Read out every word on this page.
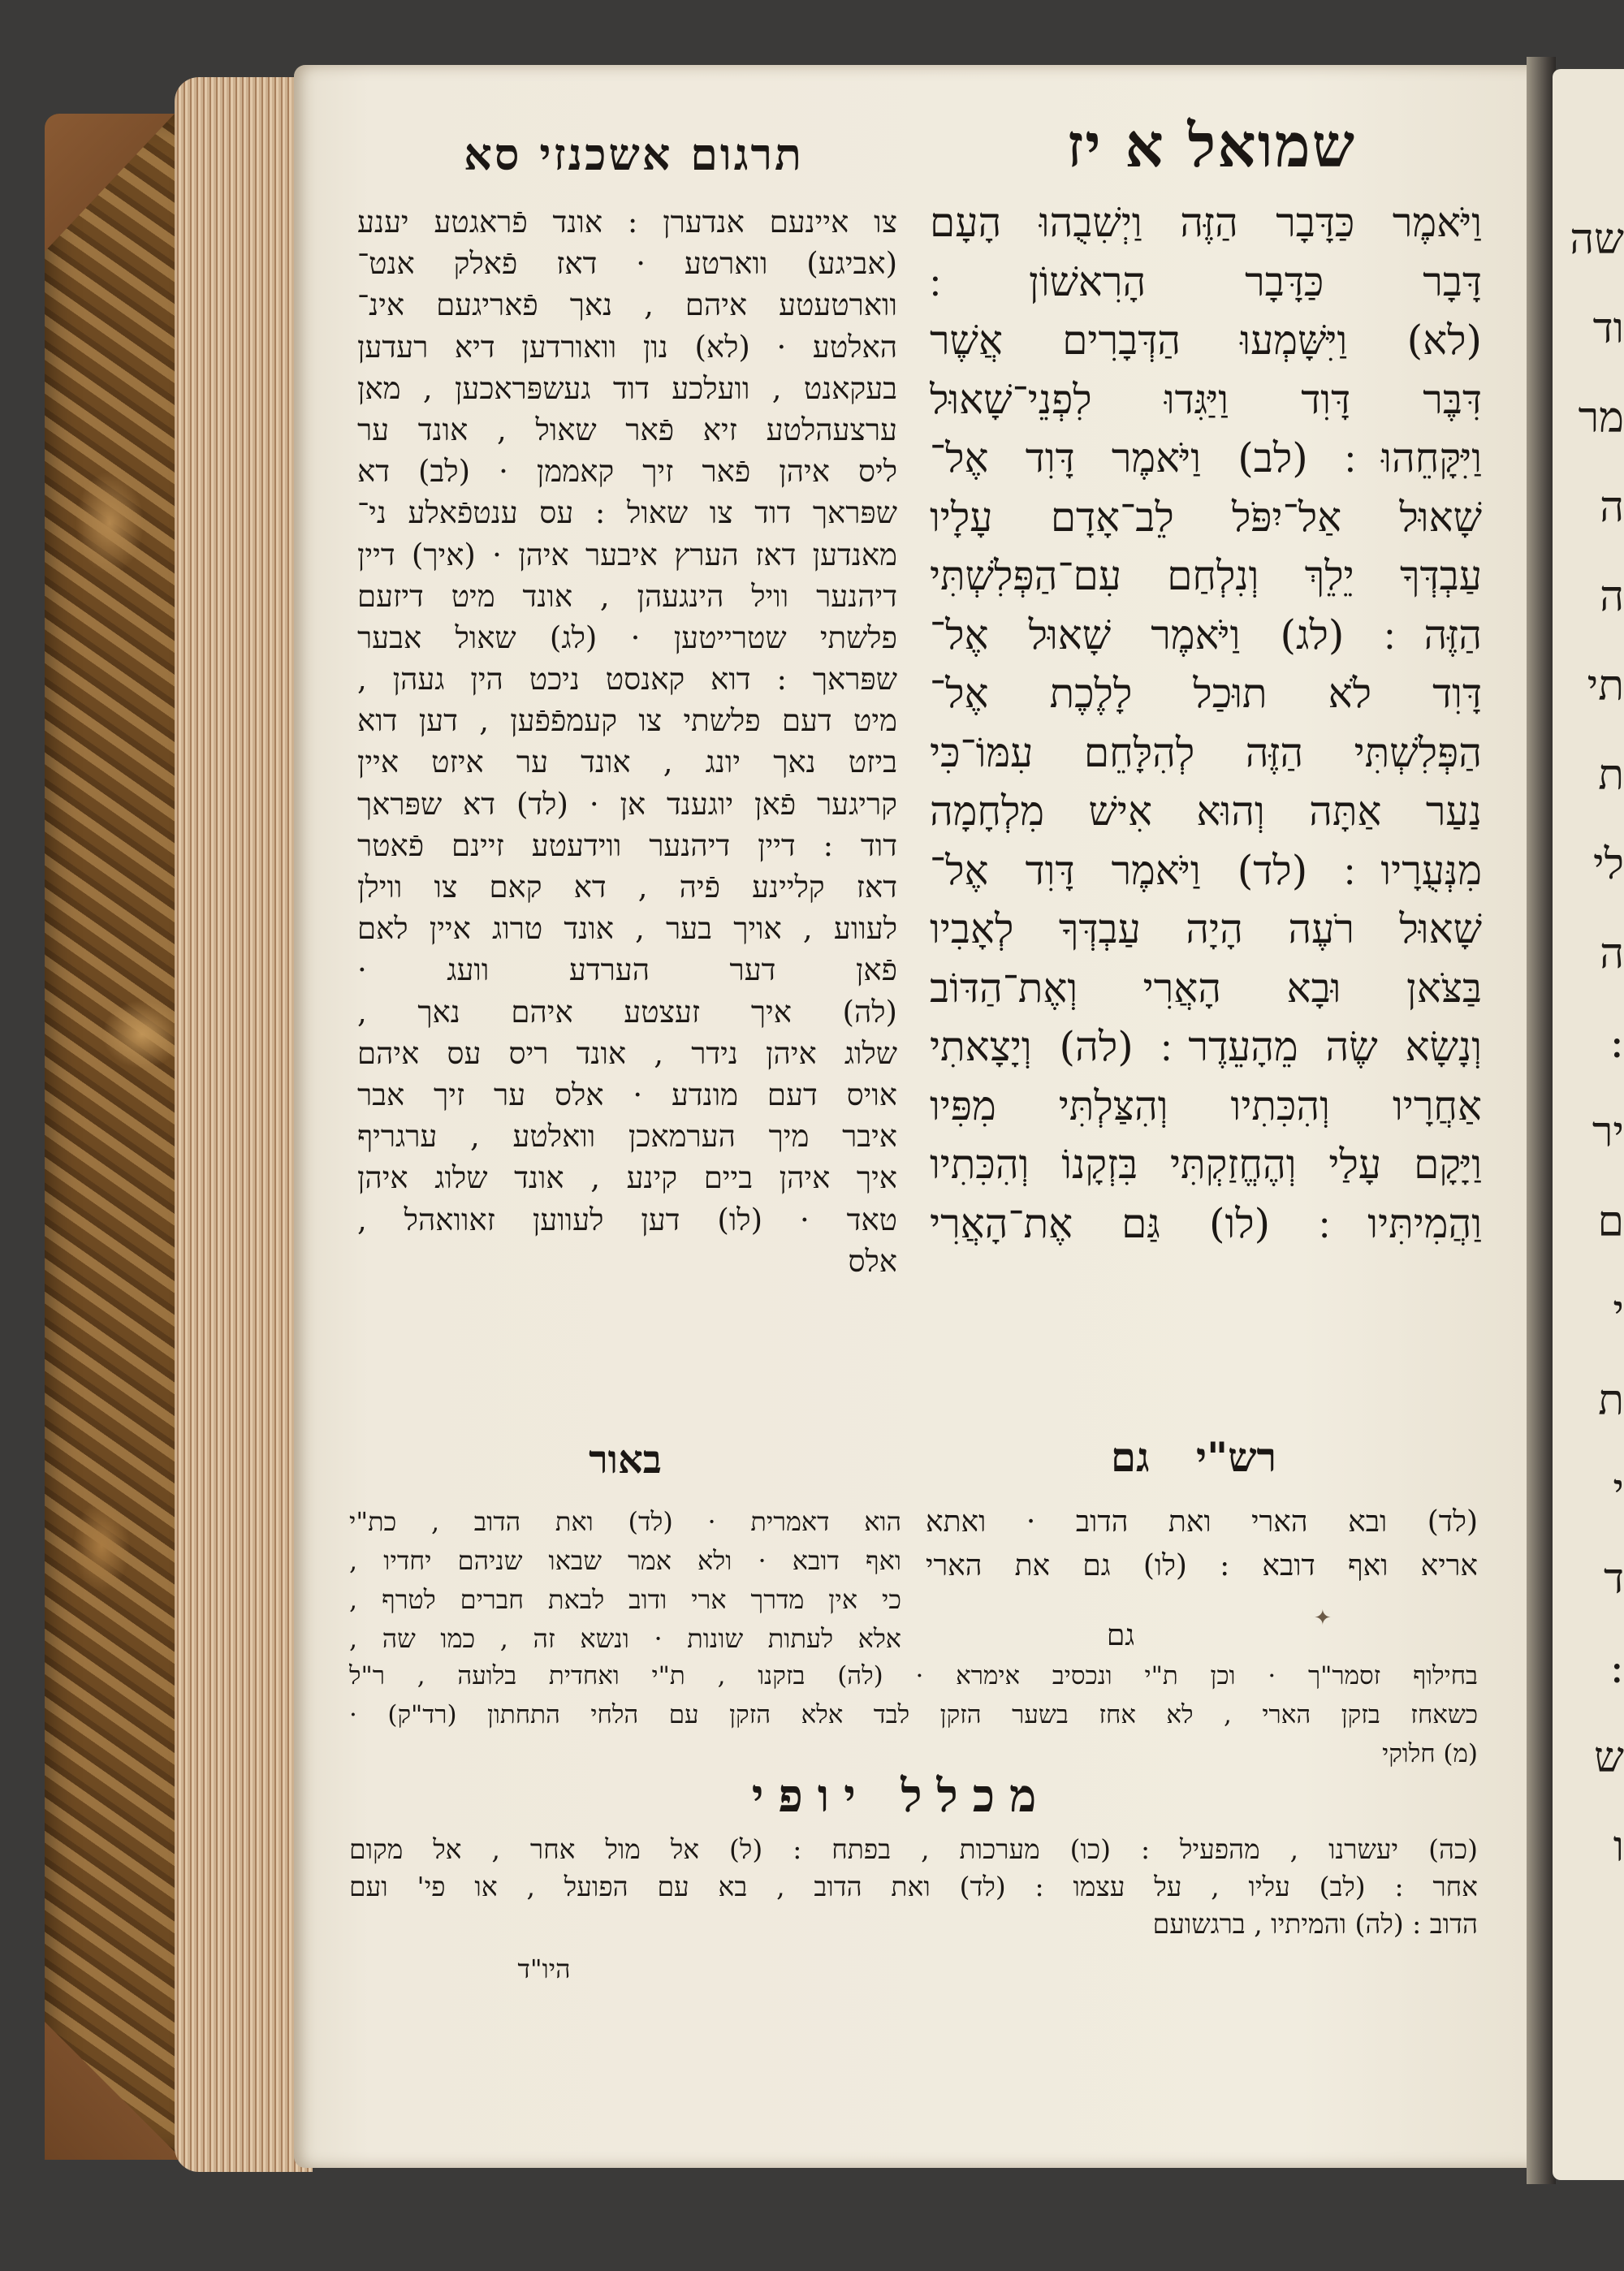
שה
וד
מר
ה
ה
תי
ת
לי
ה
:
יר
ם
י
ת
י
ד
:
ש
ו
שמואל א יז
תרגום אשכנזי סא
וַיֹּאמֶר כַּדָּבָר הַזֶּה וַיְשִׁבֻהוּ הָעָם
דָּבָר כַּדָּבָר הָרִאשׁוֹן ׃
(לא) וַיִּשָּׁמְעוּ הַדְּבָרִים אֲשֶׁר
דִּבֶּר דָּוִד וַיַּגִּדוּ לִפְנֵי־שָׁאוּל
וַיִּקָּחֵהוּ ׃ (לב) וַיֹּאמֶר דָּוִד אֶל־
שָׁאוּל אַל־יִפֹּל לֵב־אָדָם עָלָיו
עַבְדְּךָ יֵלֵךְ וְנִלְחַם עִם־הַפְּלִשְׁתִּי
הַזֶּה ׃ (לג) וַיֹּאמֶר שָׁאוּל אֶל־
דָּוִד לֹא תוּכַל לָלֶכֶת אֶל־
הַפְּלִשְׁתִּי הַזֶּה לְהִלָּחֵם עִמּוֹ־כִּי
נַעַר אַתָּה וְהוּא אִישׁ מִלְחָמָה
מִנְּעֻרָיו ׃ (לד) וַיֹּאמֶר דָּוִד אֶל־
שָׁאוּל רֹעֶה הָיָה עַבְדְּךָ לְאָבִיו
בַּצֹּאן וּבָא הָאֲרִי וְאֶת־הַדּוֹב
וְנָשָׂא שֶׂה מֵהָעֵדֶר ׃ (לה) וְיָצָאתִי
אַחֲרָיו וְהִכִּתִיו וְהִצַּלְתִּי מִפִּיו
וַיָּקָם עָלַי וְהֶחֱזַקְתִּי בִּזְקָנוֹ וְהִכִּתִיו
וַהֲמִיתִּיו ׃ (לו) גַּם אֶת־הָאֲרִי
צו איינעם אנדערן : אונד פֿראגטע יענע
(אביגע) ווארטע · דאז פֿאלק אנט־
ווארטעטע איהם , נאך פֿאריגעם אינ־
האלטע · (לא) נון וואורדען דיא רעדען
בעקאנט , וועלכע דוד געשפּראכען , מאן
ערצעהלטע זיא פֿאר שאול , אונד ער
ליס איהן פֿאר זיך קאממן · (לב) דא
שפּראך דוד צו שאול : עס ענטפֿאלע ני־
מאנדען דאז הערץ איבער איהן · (איך) דיין
דיהנער וויל הינגעהן , אונד מיט דיזעם
פלשתי שטרייטען · (לג) שאול אבער
שפּראך : דוא קאנסט ניכט הין געהן ,
מיט דעם פלשתי צו קעמפֿפֿען , דען דוא
ביזט נאך יונג , אונד ער איזט איין
קריגער פֿאן יוגענד אן · (לד) דא שפּראך
דוד : דיין דיהנער ווידעטע זיינם פֿאטר
דאז קליינע פֿיה , דא קאם צו ווילן
לעווע , אויך בער , אונד טרוג איין לאם
פֿאן דער הערדע וועג ·
(לה) איך זעצטע איהם נאך ,
שלוג איהן נידר , אונד ריס עס איהם
אויס דעם מונדע · אלס ער זיך אבר
איבר מיך הערמאכן וואלטע , ערגריף
איך איהן ביים קינע , אונד שלוג איהן
טאד · (לו) דען לעווען זאוואהל ,
אלס
רש"י גם
(לד) ובא הארי ואת הדוב · ואתא
אריא ואף דובא : (לו) גם את הארי
באור
הוא דאמרית · (לד) ואת הדוב , כת"י
ואף דובא · ולא אמר שבאו שניהם יחדיו ,
כי אין מדרך ארי ודוב לבאת חברים לטרף ,
אלא לעתות שונות · ונשא זה , כמו שה ,	גם
✦
בחילוף זסמר"ך · וכן ת"י ונכסיב אימרא · (לה) בזקנו , ת"י ואחדית בלועה , ר"ל
כשאחז בזקן הארי , לא אחז בשער הזקן לבד אלא הזקן עם הלחי התחתון (רד"ק) ·
(מ) חלוקי
מכלל יופי
(כה) יעשרנו , מהפעיל : (כו) מערכות , בפתח : (ל) אל מול אחר , אל מקום
אחר : (לב) עליו , על עצמו : (לד) ואת הדוב , בא עם הפועל , או פי' ועם
הדוב : (לה) והמיתיו , ברגשועם
היו"ד
